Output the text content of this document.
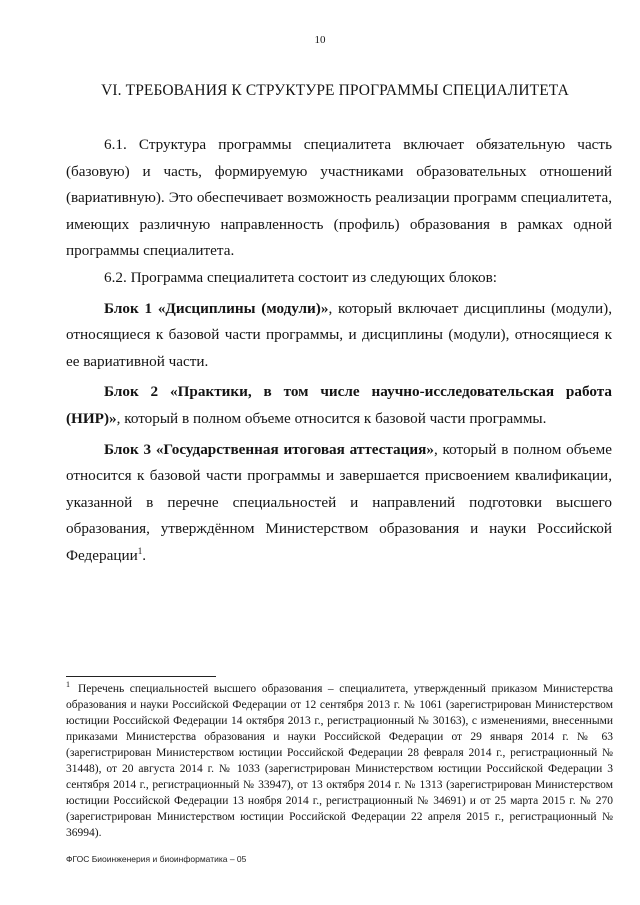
10
VI. ТРЕБОВАНИЯ К СТРУКТУРЕ ПРОГРАММЫ СПЕЦИАЛИТЕТА

6.1. Структура программы специалитета включает обязательную часть (базовую) и часть, формируемую участниками образовательных отношений (вариативную). Это обеспечивает возможность реализации программ специалитета, имеющих различную направленность (профиль) образования в рамках одной программы специалитета.

6.2. Программа специалитета состоит из следующих блоков:

Блок 1 «Дисциплины (модули)», который включает дисциплины (модули), относящиеся к базовой части программы, и дисциплины (модули), относящиеся к ее вариативной части.

Блок 2 «Практики, в том числе научно-исследовательская работа (НИР)», который в полном объеме относится к базовой части программы.

Блок 3 «Государственная итоговая аттестация», который в полном объеме относится к базовой части программы и завершается присвоением квалификации, указанной в перечне специальностей и направлений подготовки высшего образования, утверждённом Министерством образования и науки Российской Федерации$^1$.

$^1$ Перечень специальностей высшего образования – специалитета, утвержденный приказом Министерства образования и науки Российской Федерации от 12 сентября 2013 г. № 1061 (зарегистрирован Министерством юстиции Российской Федерации 14 октября 2013 г., регистрационный № 30163), с изменениями, внесенными приказами Министерства образования и науки Российской Федерации от 29 января 2014 г. № 63 (зарегистрирован Министерством юстиции Российской Федерации 28 февраля 2014 г., регистрационный № 31448), от 20 августа 2014 г. № 1033 (зарегистрирован Министерством юстиции Российской Федерации 3 сентября 2014 г., регистрационный № 33947), от 13 октября 2014 г. № 1313 (зарегистрирован Министерством юстиции Российской Федерации 13 ноября 2014 г., регистрационный № 34691) и от 25 марта 2015 г. № 270 (зарегистрирован Министерством юстиции Российской Федерации 22 апреля 2015 г., регистрационный № 36994).
ФГОС Биоинженерия и биоинформатика – 05
